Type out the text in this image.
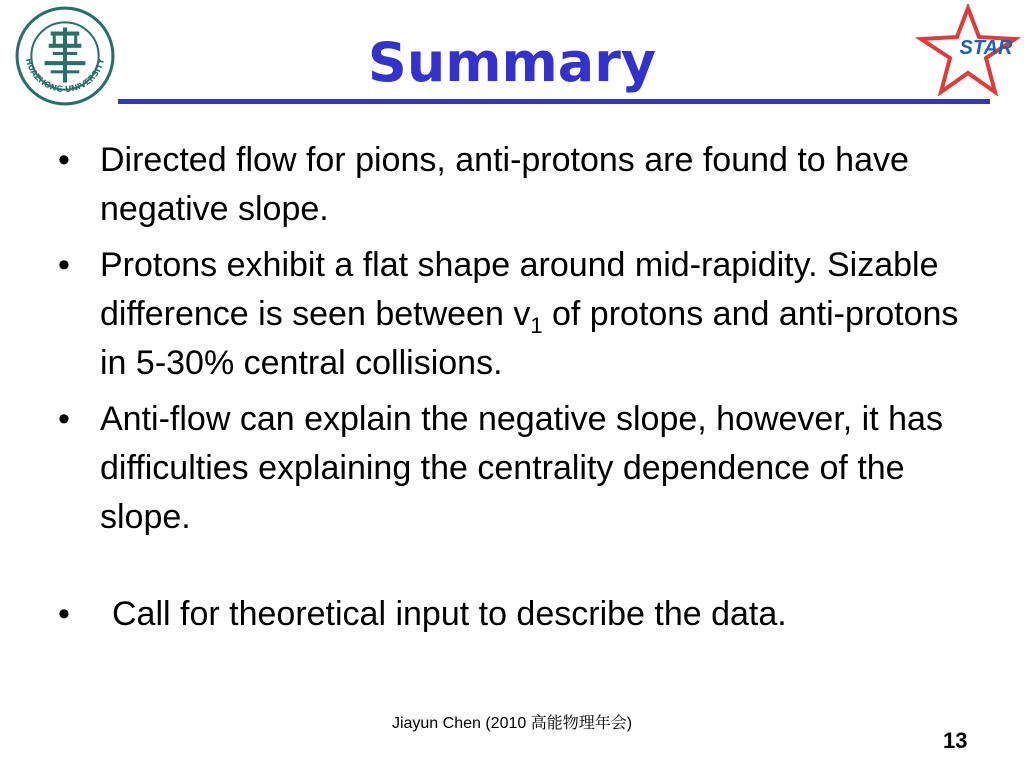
HUAZHONG UNIVERSITY	Summary	STAR
• Directed flow for pions, anti-protons are found to have negative slope.
• Protons exhibit a flat shape around mid-rapidity. Sizable difference is seen between $v_1$ of protons and anti-protons in 5-30% central collisions.
• Anti-flow can explain the negative slope, however, it has difficulties explaining the centrality dependence of the slope.
•	Call for theoretical input to describe the data.
Jiayun Chen (2010 高能物理年会)
13
